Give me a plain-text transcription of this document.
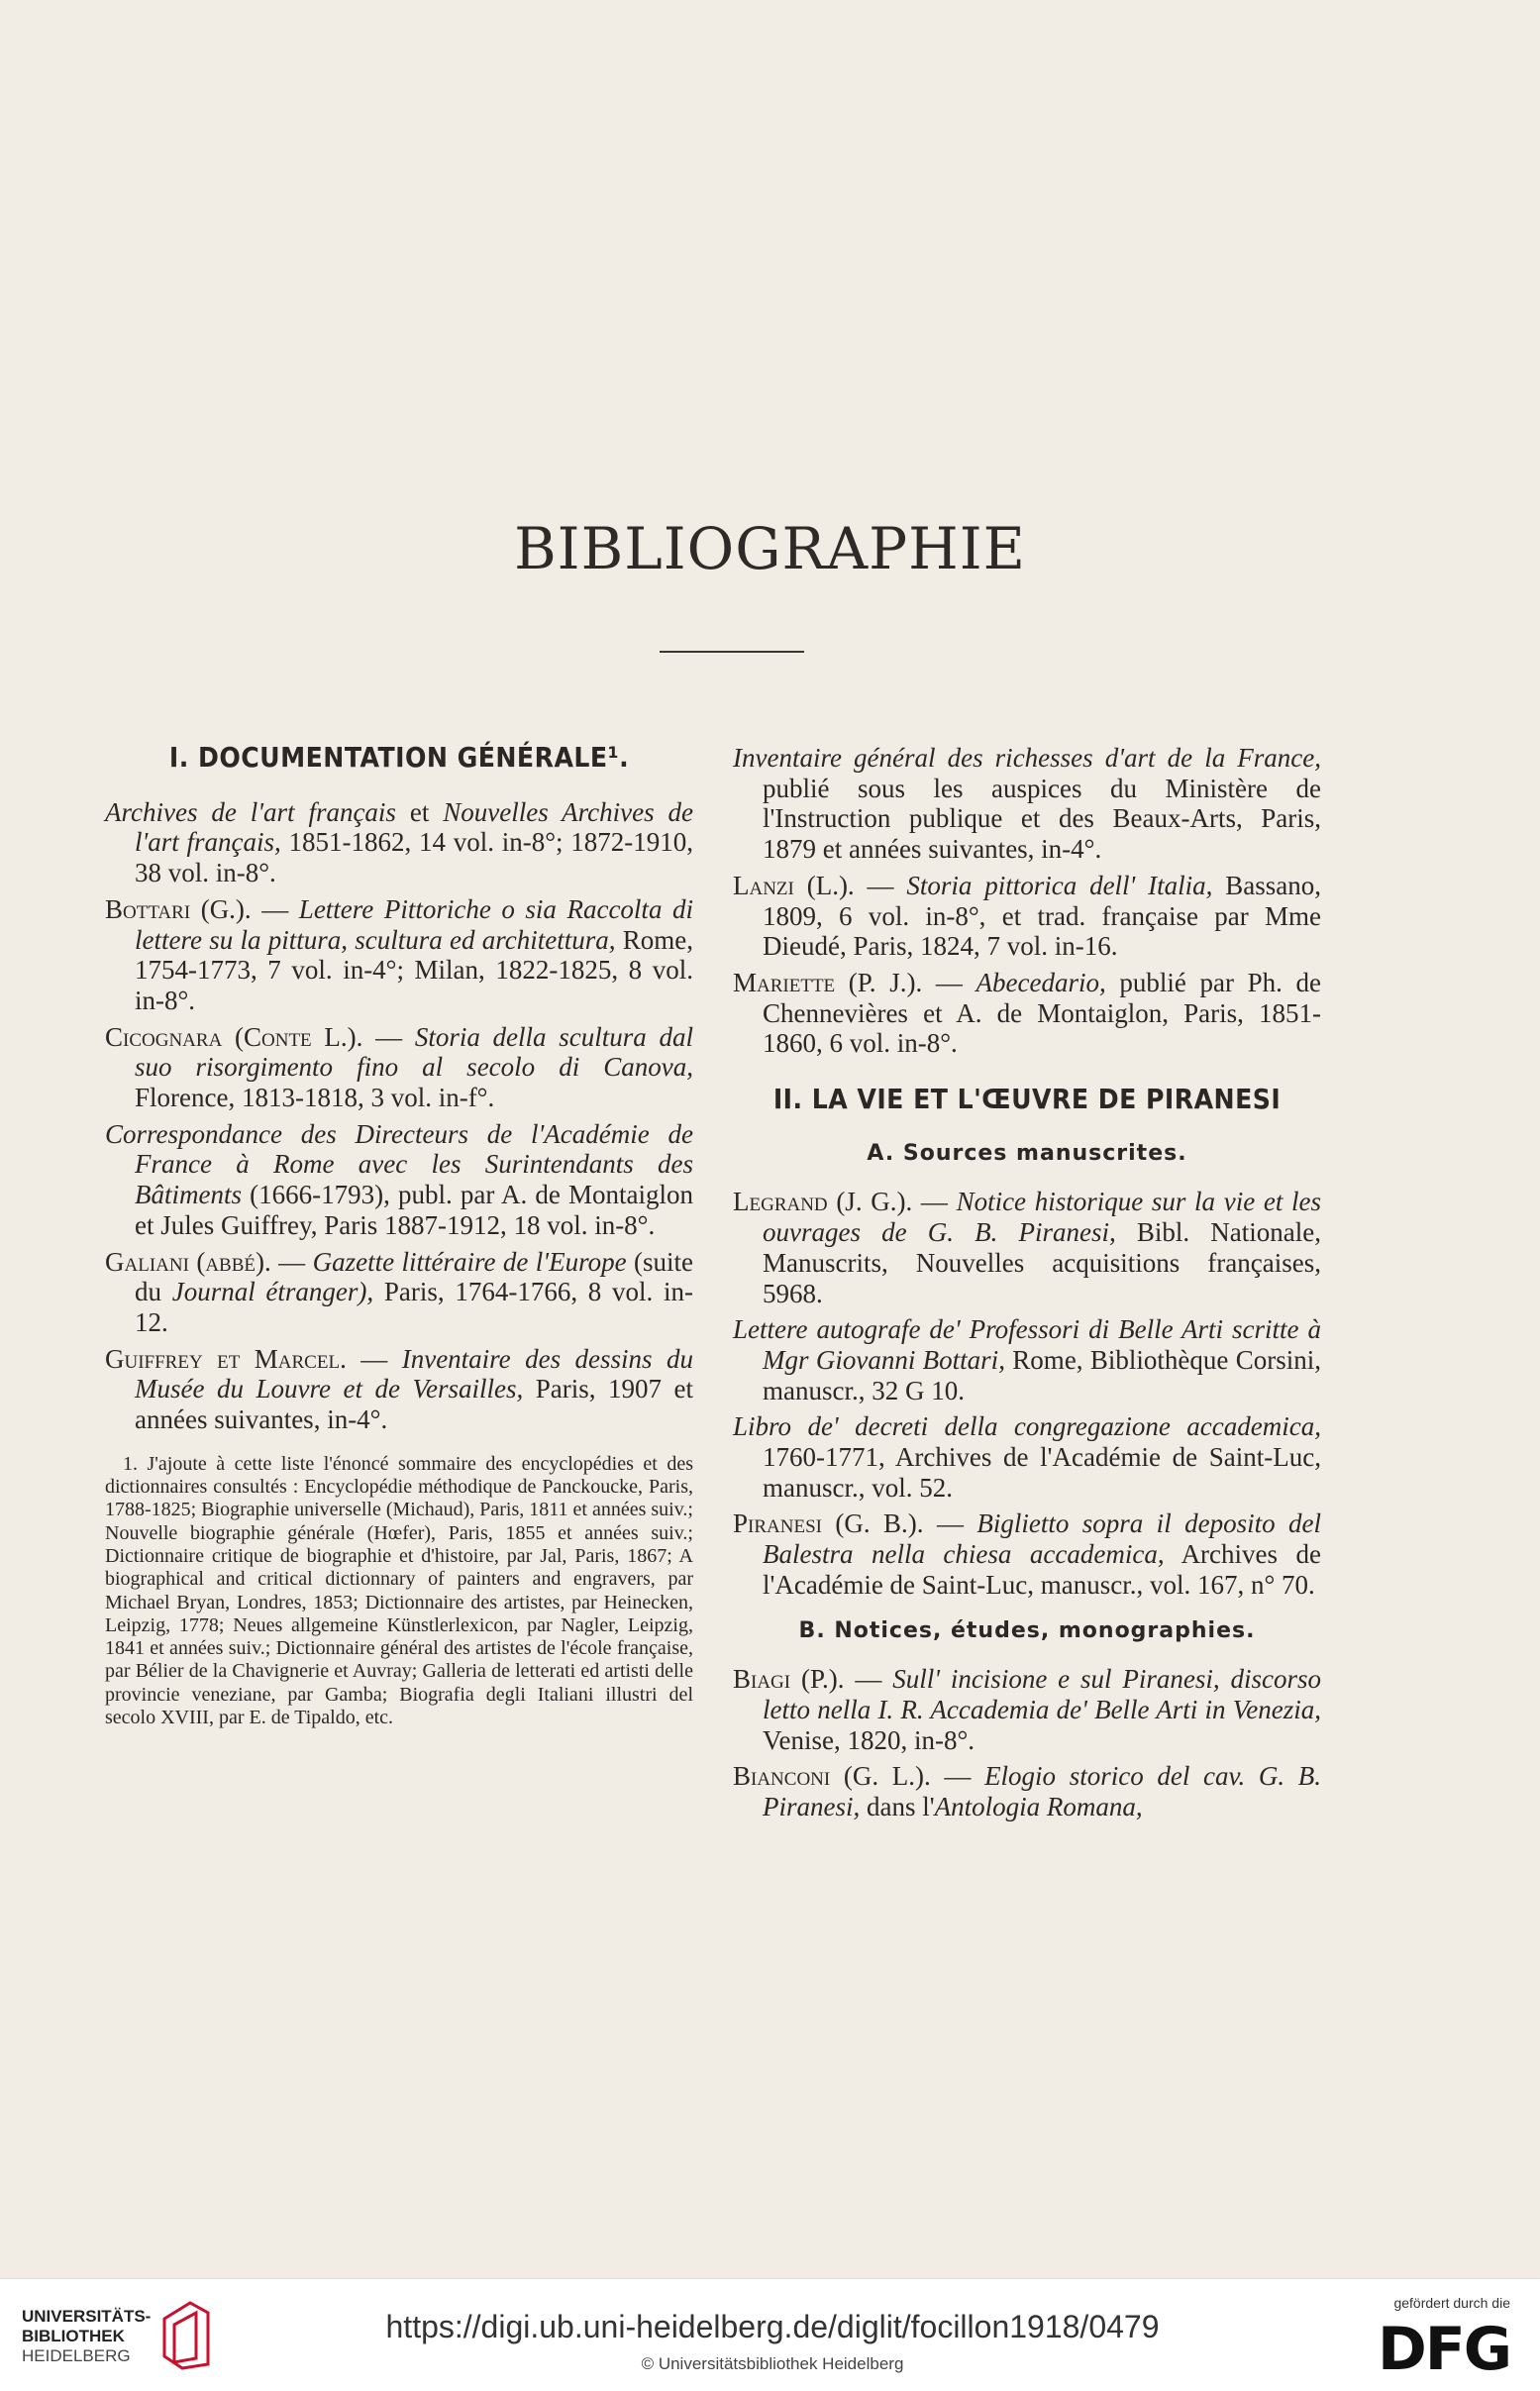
BIBLIOGRAPHIE
I. DOCUMENTATION GÉNÉRALE¹.
Archives de l'art français et Nouvelles Archives de l'art français, 1851-1862, 14 vol. in-8°; 1872-1910, 38 vol. in-8°.
Bottari (G.). — Lettere Pittoriche o sia Raccolta di lettere su la pittura, scultura ed architettura, Rome, 1754-1773, 7 vol. in-4°; Milan, 1822-1825, 8 vol. in-8°.
Cicognara (Conte L.). — Storia della scultura dal suo risorgimento fino al secolo di Canova, Florence, 1813-1818, 3 vol. in-f°.
Correspondance des Directeurs de l'Académie de France à Rome avec les Surintendants des Bâtiments (1666-1793), publ. par A. de Montaiglon et Jules Guiffrey, Paris 1887-1912, 18 vol. in-8°.
Galiani (abbé). — Gazette littéraire de l'Europe (suite du Journal étranger), Paris, 1764-1766, 8 vol. in-12.
Guiffrey et Marcel. — Inventaire des dessins du Musée du Louvre et de Versailles, Paris, 1907 et années suivantes, in-4°.
1. J'ajoute à cette liste l'énoncé sommaire des encyclopédies et des dictionnaires consultés : Encyclopédie méthodique de Panckoucke, Paris, 1788-1825; Biographie universelle (Michaud), Paris, 1811 et années suiv.; Nouvelle biographie générale (Hœfer), Paris, 1855 et années suiv.; Dictionnaire critique de biographie et d'histoire, par Jal, Paris, 1867; A biographical and critical dictionnary of painters and engravers, par Michael Bryan, Londres, 1853; Dictionnaire des artistes, par Heinecken, Leipzig, 1778; Neues allgemeine Künstlerlexicon, par Nagler, Leipzig, 1841 et années suiv.; Dictionnaire général des artistes de l'école française, par Bélier de la Chavignerie et Auvray; Galleria de letterati ed artisti delle provincie veneziane, par Gamba; Biografia degli Italiani illustri del secolo XVIII, par E. de Tipaldo, etc.
Inventaire général des richesses d'art de la France, publié sous les auspices du Ministère de l'Instruction publique et des Beaux-Arts, Paris, 1879 et années suivantes, in-4°.
Lanzi (L.). — Storia pittorica dell' Italia, Bassano, 1809, 6 vol. in-8°, et trad. française par Mme Dieudé, Paris, 1824, 7 vol. in-16.
Mariette (P. J.). — Abecedario, publié par Ph. de Chennevières et A. de Montaiglon, Paris, 1851-1860, 6 vol. in-8°.
II. LA VIE ET L'ŒUVRE DE PIRANESI
A. Sources manuscrites.
Legrand (J. G.). — Notice historique sur la vie et les ouvrages de G. B. Piranesi, Bibl. Nationale, Manuscrits, Nouvelles acquisitions françaises, 5968.
Lettere autografe de' Professori di Belle Arti scritte à Mgr Giovanni Bottari, Rome, Bibliothèque Corsini, manuscr., 32 G 10.
Libro de' decreti della congregazione accademica, 1760-1771, Archives de l'Académie de Saint-Luc, manuscr., vol. 52.
Piranesi (G. B.). — Biglietto sopra il deposito del Balestra nella chiesa accademica, Archives de l'Académie de Saint-Luc, manuscr., vol. 167, n° 70.
B. Notices, études, monographies.
Biagi (P.). — Sull' incisione e sul Piranesi, discorso letto nella I. R. Accademia de' Belle Arti in Venezia, Venise, 1820, in-8°.
Bianconi (G. L.). — Elogio storico del cav. G. B. Piranesi, dans l'Antologia Romana,
UNIVERSITÄTS-
BIBLIOTHEK
HEIDELBERG
https://digi.ub.uni-heidelberg.de/diglit/focillon1918/0479
© Universitätsbibliothek Heidelberg
gefördert durch die
DFG
